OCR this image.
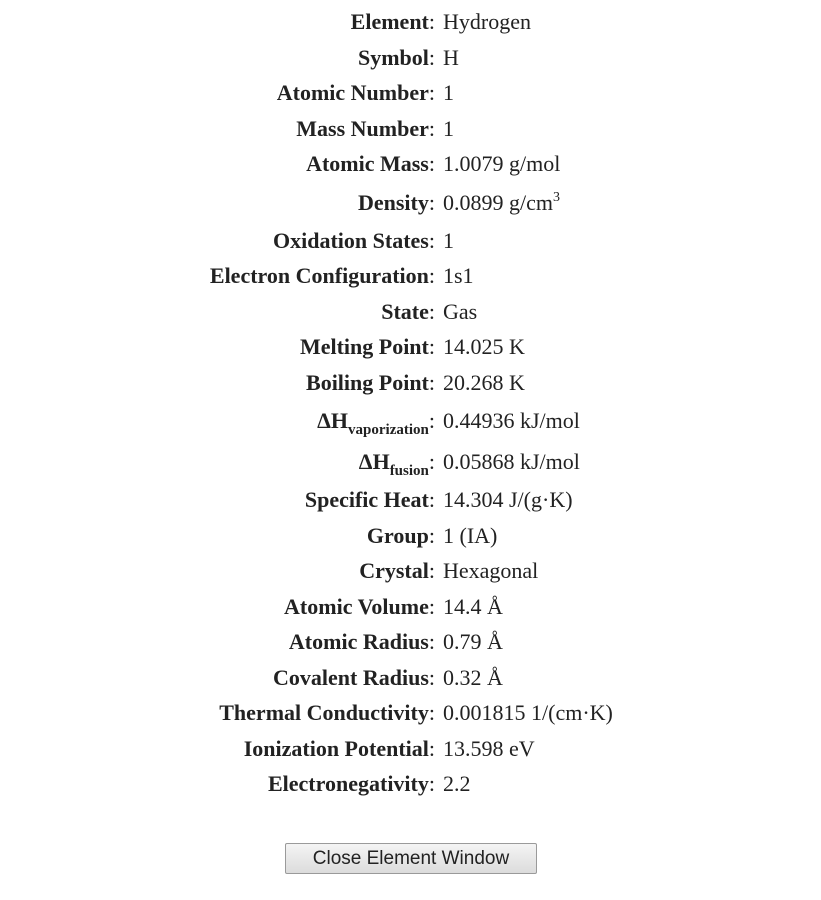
Element: Hydrogen
Symbol: H
Atomic Number: 1
Mass Number: 1
Atomic Mass: 1.0079 g/mol
Density: 0.0899 $g/cm^3$
Oxidation States: 1
Electron Configuration: 1s1
State: Gas
Melting Point: 14.025 K
Boiling Point: 20.268 K
$\Delta H_{vaporization}$: 0.44936 kJ/mol
$\Delta H_{fusion}$: 0.05868 kJ/mol
Specific Heat: 14.304 J/(g·K)
Group: 1 (IA)
Crystal: Hexagonal
Atomic Volume: 14.4 Å
Atomic Radius: 0.79 Å
Covalent Radius: 0.32 Å
Thermal Conductivity: 0.001815 1/(cm·K)
Ionization Potential: 13.598 eV
Electronegativity: 2.2
Close Element Window
